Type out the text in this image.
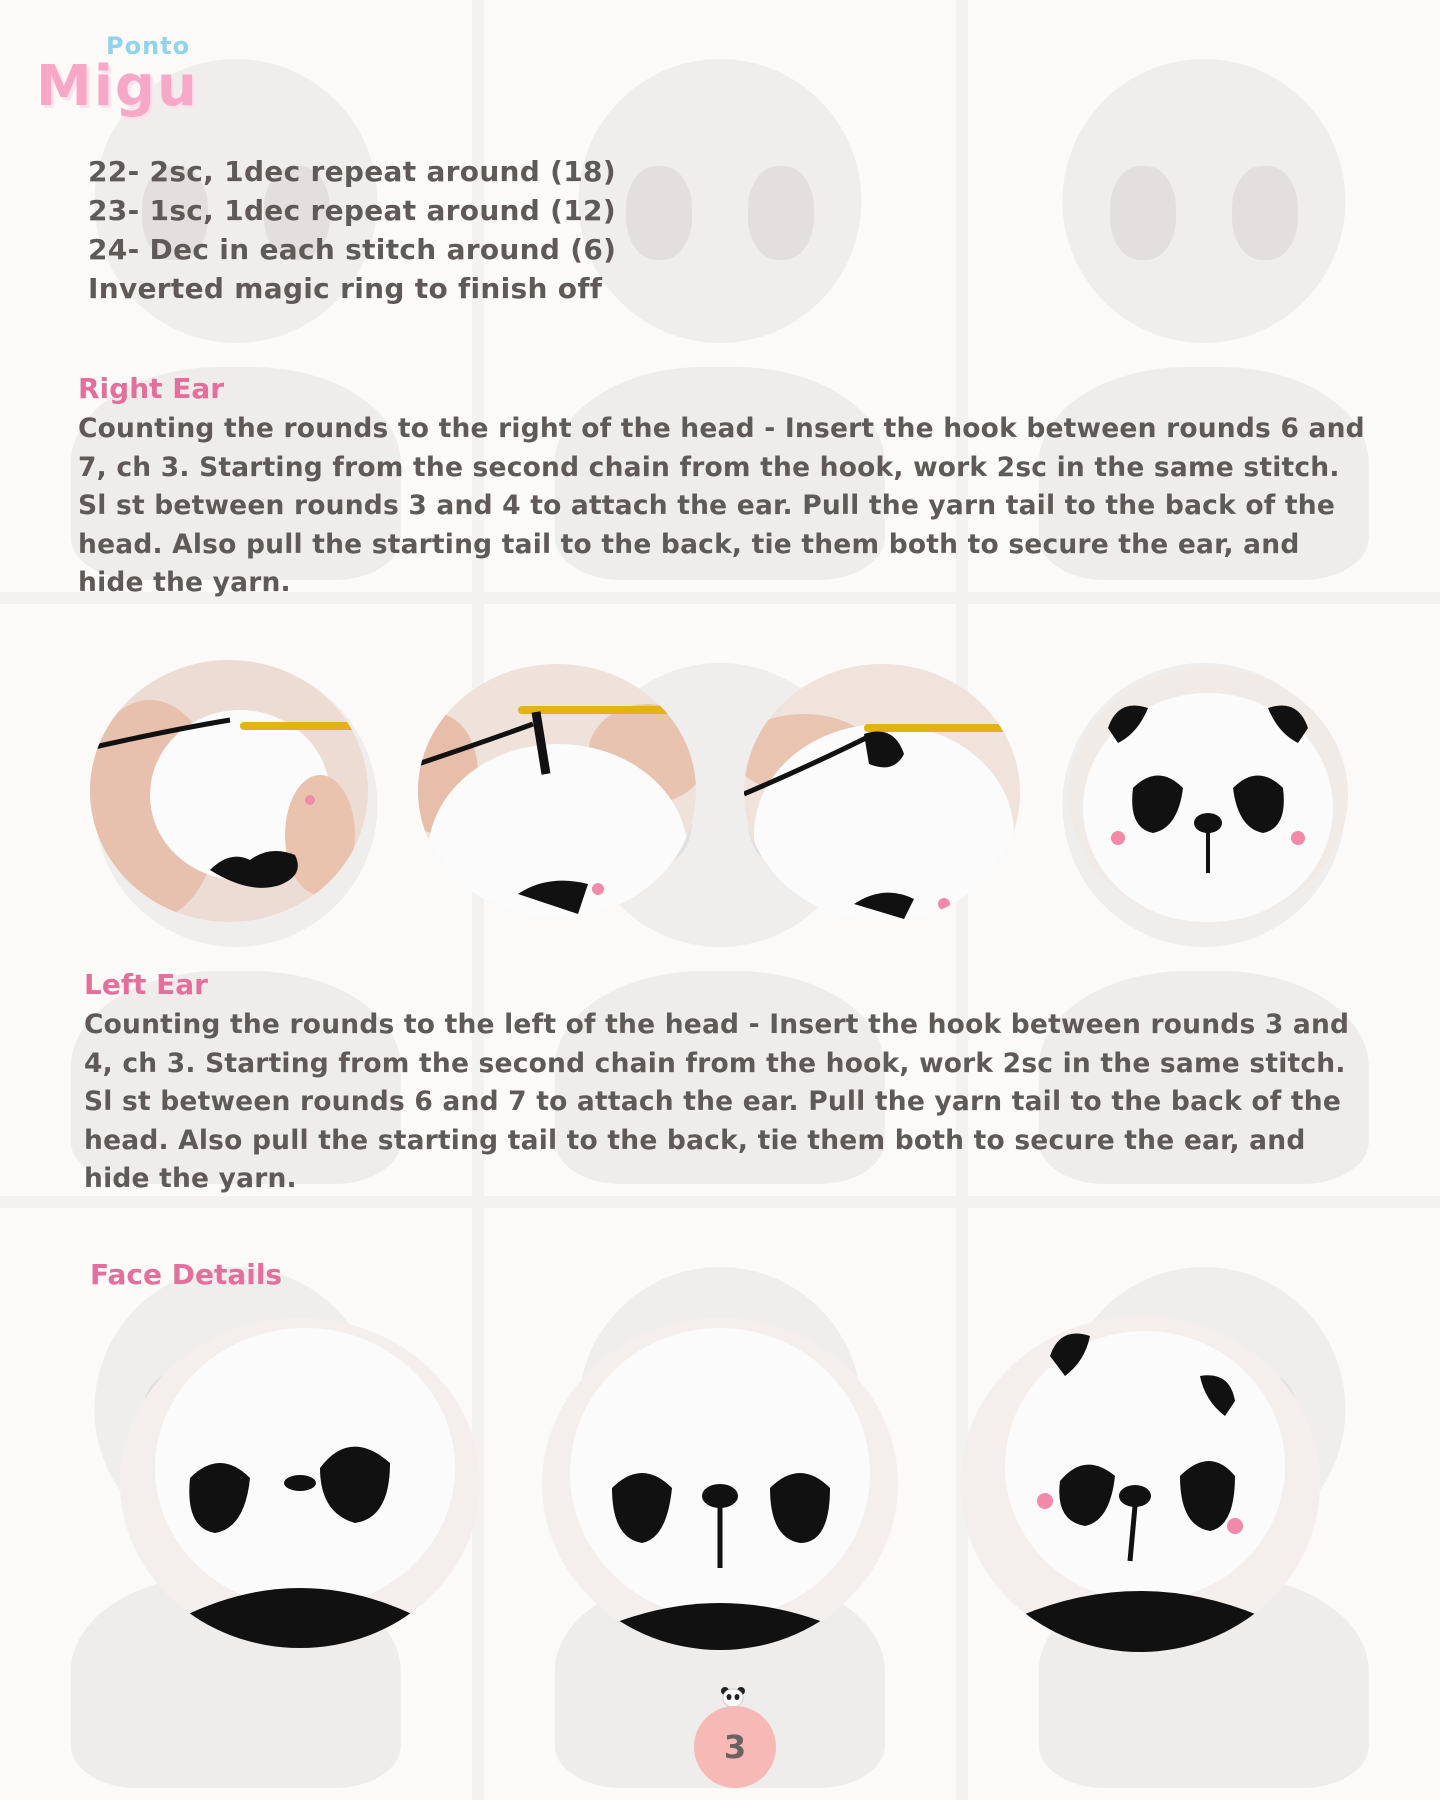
Ponto
Migu

22- 2sc, 1dec repeat around (18)

23- 1sc, 1dec repeat around (12)

24- Dec in each stitch around (6)

Inverted magic ring to finish off

Right Ear

Counting the rounds to the right of the head - Insert the hook between rounds 6 and 7, ch 3. Starting from the second chain from the hook, work 2sc in the same stitch. Sl st between rounds 3 and 4 to attach the ear. Pull the yarn tail to the back of the head. Also pull the starting tail to the back, tie them both to secure the ear, and hide the yarn.

Left Ear

Counting the rounds to the left of the head - Insert the hook between rounds 3 and 4, ch 3. Starting from the second chain from the hook, work 2sc in the same stitch. Sl st between rounds 6 and 7 to attach the ear. Pull the yarn tail to the back of the head. Also pull the starting tail to the back, tie them both to secure the ear, and hide the yarn.

Face Details
3
